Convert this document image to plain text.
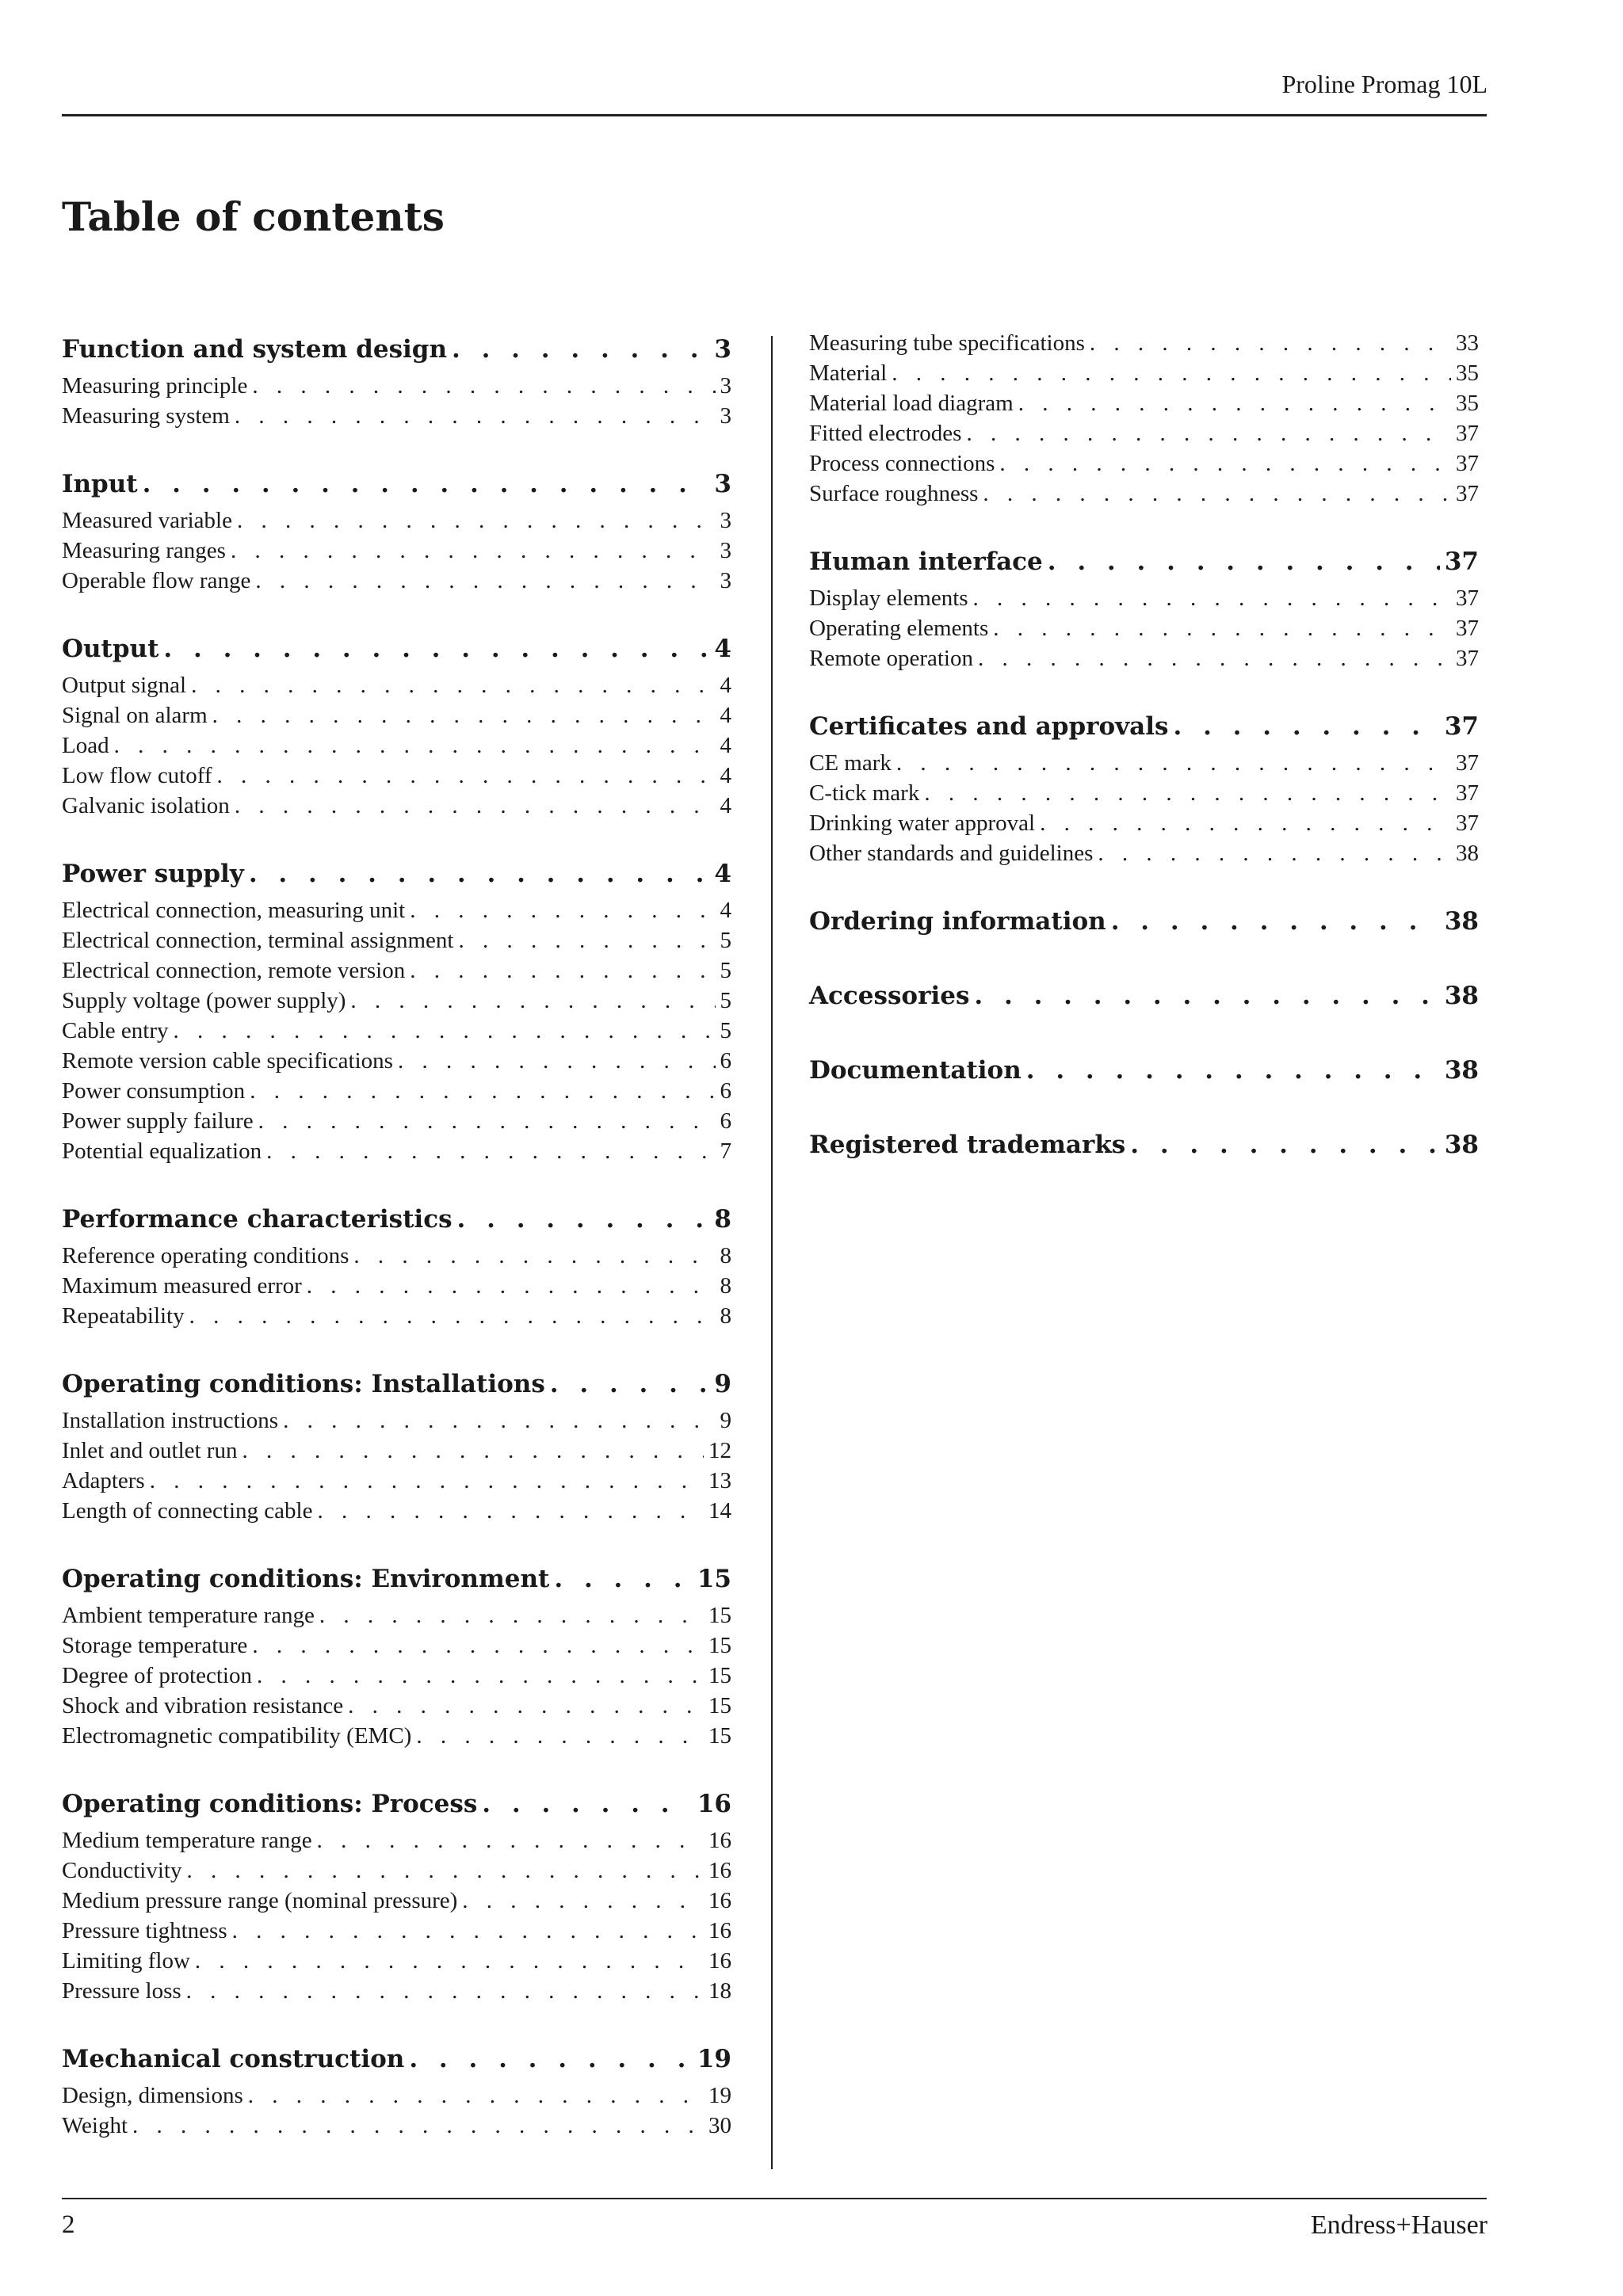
Proline Promag 10L
Table of contents
Function and system design . . .	3
Measuring principle . . .	3
Measuring system . . .	3
Input . . .	3
Measured variable . . .	3
Measuring ranges . . .	3
Operable flow range . . .	3
Output . . .	4
Output signal . . .	4
Signal on alarm . . .	4
Load . . .	4
Low flow cutoff . . .	4
Galvanic isolation . . .	4
Power supply . . .	4
Electrical connection, measuring unit . . .	4
Electrical connection, terminal assignment . . .	5
Electrical connection, remote version . . .	5
Supply voltage (power supply) . . .	5
Cable entry . . .	5
Remote version cable specifications . . .	6
Power consumption . . .	6
Power supply failure . . .	6
Potential equalization . . .	7
Performance characteristics . . .	8
Reference operating conditions . . .	8
Maximum measured error . . .	8
Repeatability . . .	8
Operating conditions: Installations . . .	9
Installation instructions . . .	9
Inlet and outlet run . . .	12
Adapters . . .	13
Length of connecting cable . . .	14
Operating conditions: Environment . . .	15
Ambient temperature range . . .	15
Storage temperature . . .	15
Degree of protection . . .	15
Shock and vibration resistance . . .	15
Electromagnetic compatibility (EMC) . . .	15
Operating conditions: Process . . .	16
Medium temperature range . . .	16
Conductivity . . .	16
Medium pressure range (nominal pressure) . . .	16
Pressure tightness . . .	16
Limiting flow . . .	16
Pressure loss . . .	18
Mechanical construction . . .	19
Design, dimensions . . .	19
Weight . . .	30
Measuring tube specifications . . .	33
Material . . .	35
Material load diagram . . .	35
Fitted electrodes . . .	37
Process connections . . .	37
Surface roughness . . .	37
Human interface . . .	37
Display elements . . .	37
Operating elements . . .	37
Remote operation . . .	37
Certificates and approvals . . .	37
CE mark . . .	37
C-tick mark . . .	37
Drinking water approval . . .	37
Other standards and guidelines . . .	38
Ordering information . . .	38
Accessories . . .	38
Documentation . . .	38
Registered trademarks . . .	38
2	Endress+Hauser
